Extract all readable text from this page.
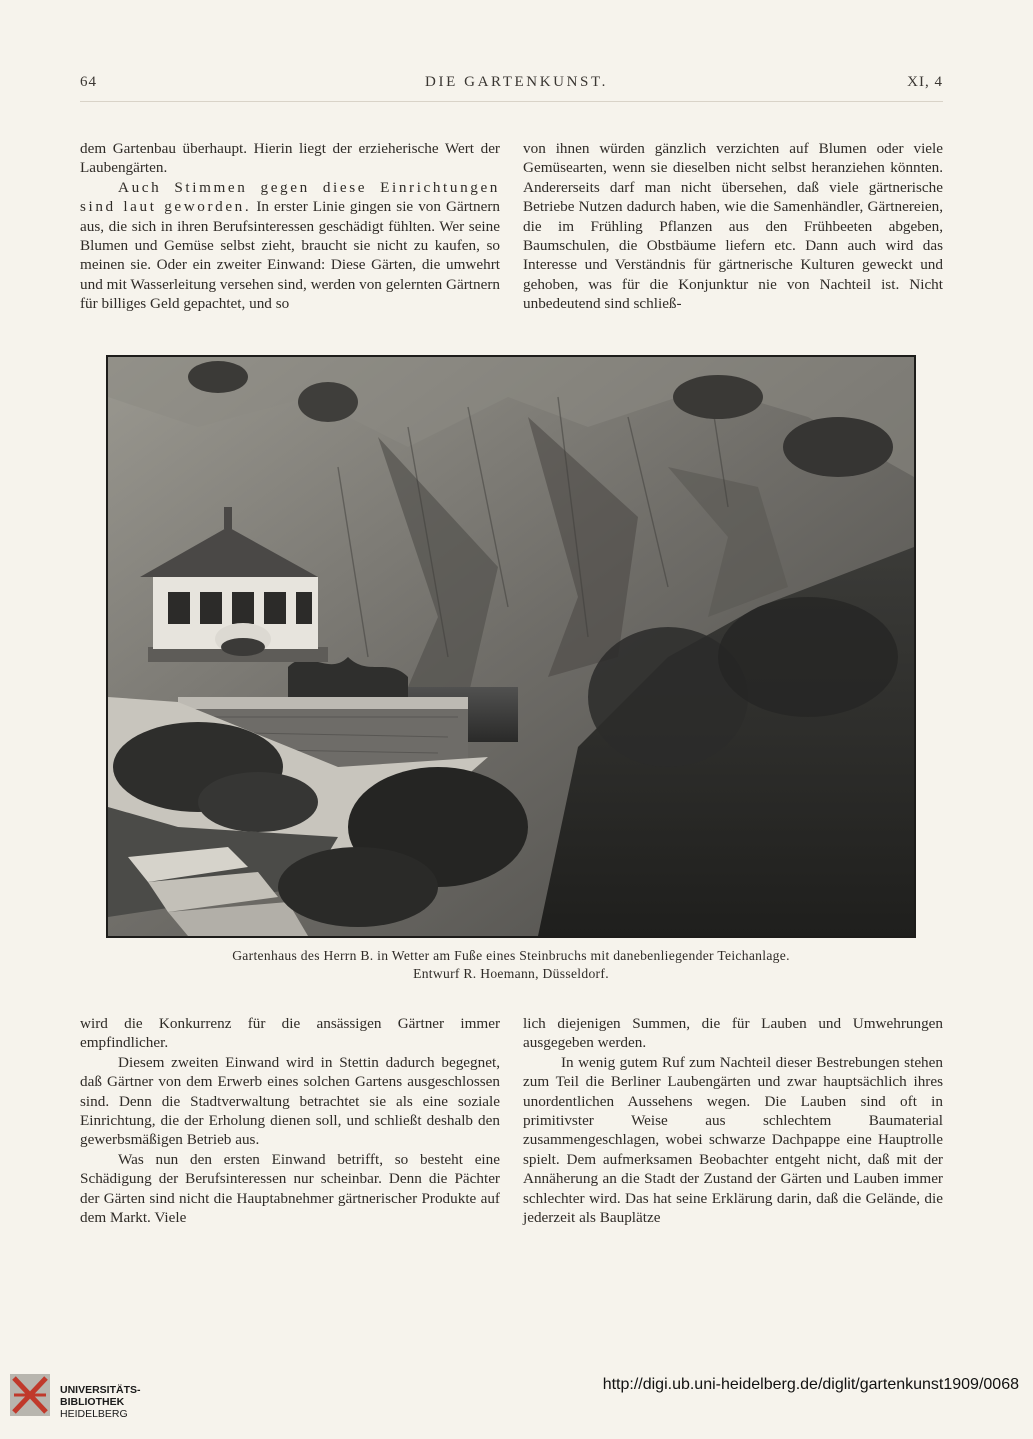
64	DIE GARTENKUNST.	XI, 4

dem Gartenbau überhaupt. Hierin liegt der erzieherische Wert der Laubengärten.

Auch Stimmen gegen diese Einrichtungen sind laut geworden. In erster Linie gingen sie von Gärtnern aus, die sich in ihren Berufsinteressen geschädigt fühlten. Wer seine Blumen und Gemüse selbst zieht, braucht sie nicht zu kaufen, so meinen sie. Oder ein zweiter Einwand: Diese Gärten, die umwehrt und mit Wasserleitung versehen sind, werden von gelernten Gärtnern für billiges Geld gepachtet, und so

von ihnen würden gänzlich verzichten auf Blumen oder viele Gemüsearten, wenn sie dieselben nicht selbst heranziehen könnten. Andererseits darf man nicht übersehen, daß viele gärtnerische Betriebe Nutzen dadurch haben, wie die Samenhändler, Gärtnereien, die im Frühling Pflanzen aus den Frühbeeten abgeben, Baumschulen, die Obstbäume liefern etc. Dann auch wird das Interesse und Verständnis für gärtnerische Kulturen geweckt und gehoben, was für die Konjunktur nie von Nachteil ist. Nicht unbedeutend sind schließ-

Gartenhaus des Herrn B. in Wetter am Fuße eines Steinbruchs mit danebenliegender Teichanlage.
Entwurf R. Hoemann, Düsseldorf.

wird die Konkurrenz für die ansässigen Gärtner immer empfindlicher.

Diesem zweiten Einwand wird in Stettin dadurch begegnet, daß Gärtner von dem Erwerb eines solchen Gartens ausgeschlossen sind. Denn die Stadtverwaltung betrachtet sie als eine soziale Einrichtung, die der Erholung dienen soll, und schließt deshalb den gewerbsmäßigen Betrieb aus.

Was nun den ersten Einwand betrifft, so besteht eine Schädigung der Berufsinteressen nur scheinbar. Denn die Pächter der Gärten sind nicht die Hauptabnehmer gärtnerischer Produkte auf dem Markt. Viele

lich diejenigen Summen, die für Lauben und Umwehrungen ausgegeben werden.

In wenig gutem Ruf zum Nachteil dieser Bestrebungen stehen zum Teil die Berliner Laubengärten und zwar hauptsächlich ihres unordentlichen Aussehens wegen. Die Lauben sind oft in primitivster Weise aus schlechtem Baumaterial zusammengeschlagen, wobei schwarze Dachpappe eine Hauptrolle spielt. Dem aufmerksamen Beobachter entgeht nicht, daß mit der Annäherung an die Stadt der Zustand der Gärten und Lauben immer schlechter wird. Das hat seine Erklärung darin, daß die Gelände, die jederzeit als Bauplätze

UNIVERSITÄTS-
BIBLIOTHEK
HEIDELBERG
http://digi.ub.uni-heidelberg.de/diglit/gartenkunst1909/0068
